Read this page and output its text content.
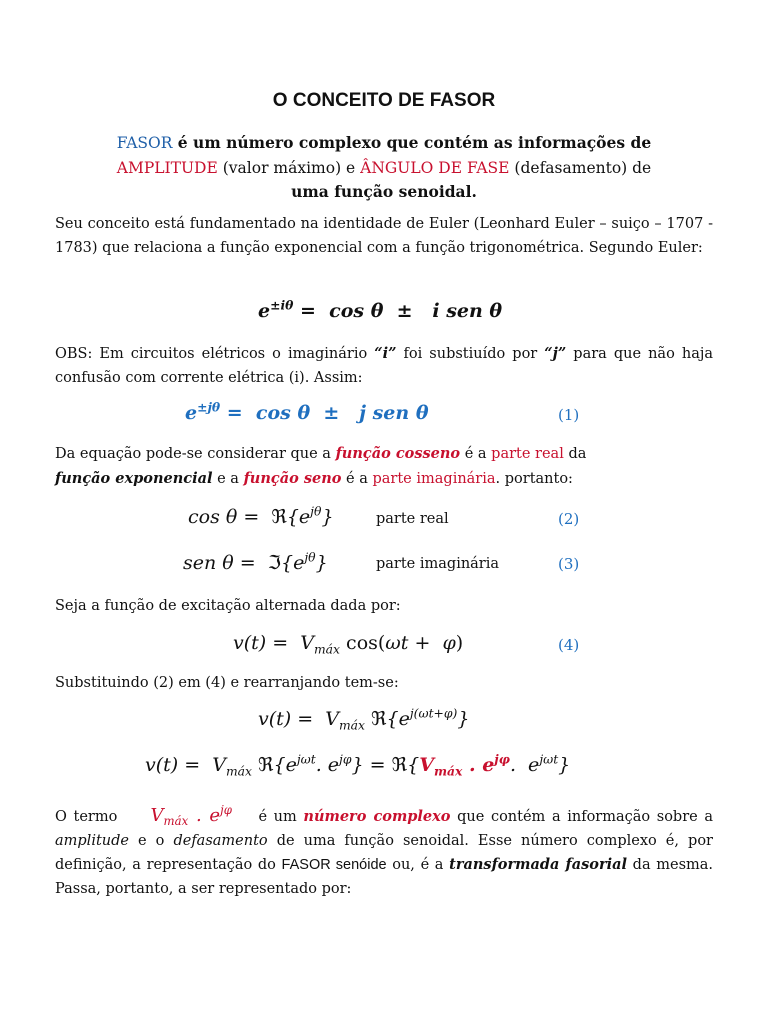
O CONCEITO DE FASOR
FASOR é um número complexo que contém as informações de
AMPLITUDE (valor máximo) e ÂNGULO DE FASE (defasamento) de
uma função senoidal.
Seu conceito está fundamentado na identidade de Euler (Leonhard Euler – suiço – 1707 - 1783) que relaciona a função exponencial com a função trigonométrica. Segundo Euler:
$e^{\pm i\theta} = \cos \theta \pm i$ sen θ
OBS: Em circuitos elétricos o imaginário “i” foi substiuído por “j” para que não haja confusão com corrente elétrica (i). Assim:
$e^{\pm j\theta} = \cos \theta \pm j$ sen θ	(1)
Da equação pode-se considerar que a função cosseno é a parte real da
função exponencial e a função seno é a parte imaginária. portanto:
$\cos \theta = ℜ\{e^{j\theta}\}$	parte real	(2)
sen $\theta = ℑ\{e^{j\theta}\}$	parte imaginária	(3)
Seja a função de excitação alternada dada por:
$v(t) = V_{máx}$ cos(ωt +  φ)	(4)
Substituindo (2) em (4) e rearranjando tem-se:
$v(t) = V_{máx}$ $ℜ\{e^{j(\omega t+\varphi)}\}$
$v(t) = V_{máx}$ $ℜ\{e^{j\omega t}$. $e^{j\varphi}$} = $ℜ\{V_{máx}$ . $e^{j\varphi}$.  $e^{j\omega t}$}
O termo     $V_{máx}$ . $e^{j\varphi}$    é um número complexo que contém a informação sobre a amplitude e o defasamento de uma função senoidal. Esse número complexo é, por definição, a representação do FASOR senóide ou, é a transformada fasorial da mesma. Passa, portanto, a ser representado por:
